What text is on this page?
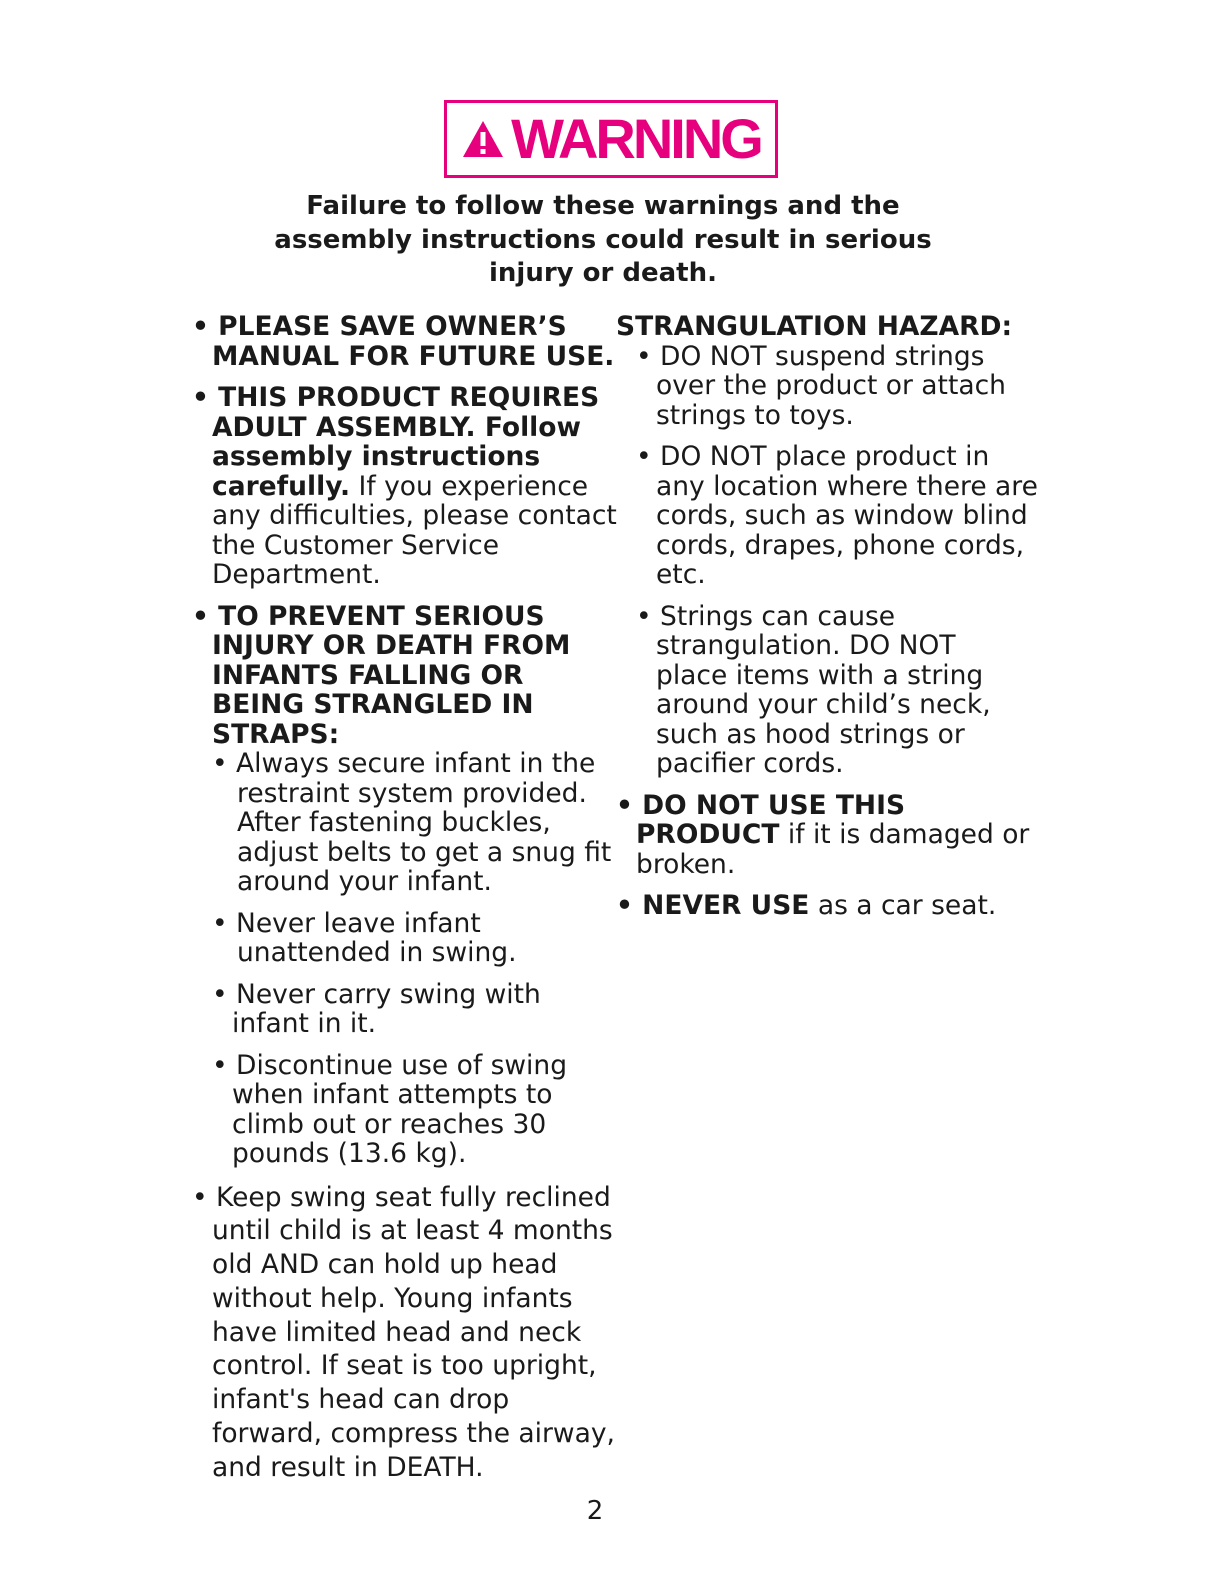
WARNING
Failure to follow these warnings and the
assembly instructions could result in serious
injury or death.
• PLEASE SAVE OWNER’S
MANUAL FOR FUTURE USE.
• THIS PRODUCT REQUIRES
ADULT ASSEMBLY. Follow
assembly instructions
carefully. If you experience
any difficulties, please contact
the Customer Service
Department.
• TO PREVENT SERIOUS
INJURY OR DEATH FROM
INFANTS FALLING OR
BEING STRANGLED IN
STRAPS:
• Always secure infant in the
restraint system provided.
After fastening buckles,
adjust belts to get a snug fit
around your infant.
• Never leave infant
unattended in swing.
• Never carry swing with
infant in it.
• Discontinue use of swing
when infant attempts to
climb out or reaches 30
pounds (13.6 kg).
• Keep swing seat fully reclined
until child is at least 4 months
old AND can hold up head
without help. Young infants
have limited head and neck
control. If seat is too upright,
infant's head can drop
forward, compress the airway,
and result in DEATH.
STRANGULATION HAZARD:
• DO NOT suspend strings
over the product or attach
strings to toys.
• DO NOT place product in
any location where there are
cords, such as window blind
cords, drapes, phone cords,
etc.
• Strings can cause
strangulation. DO NOT
place items with a string
around your child’s neck,
such as hood strings or
pacifier cords.
• DO NOT USE THIS
PRODUCT if it is damaged or
broken.
• NEVER USE as a car seat.
2
